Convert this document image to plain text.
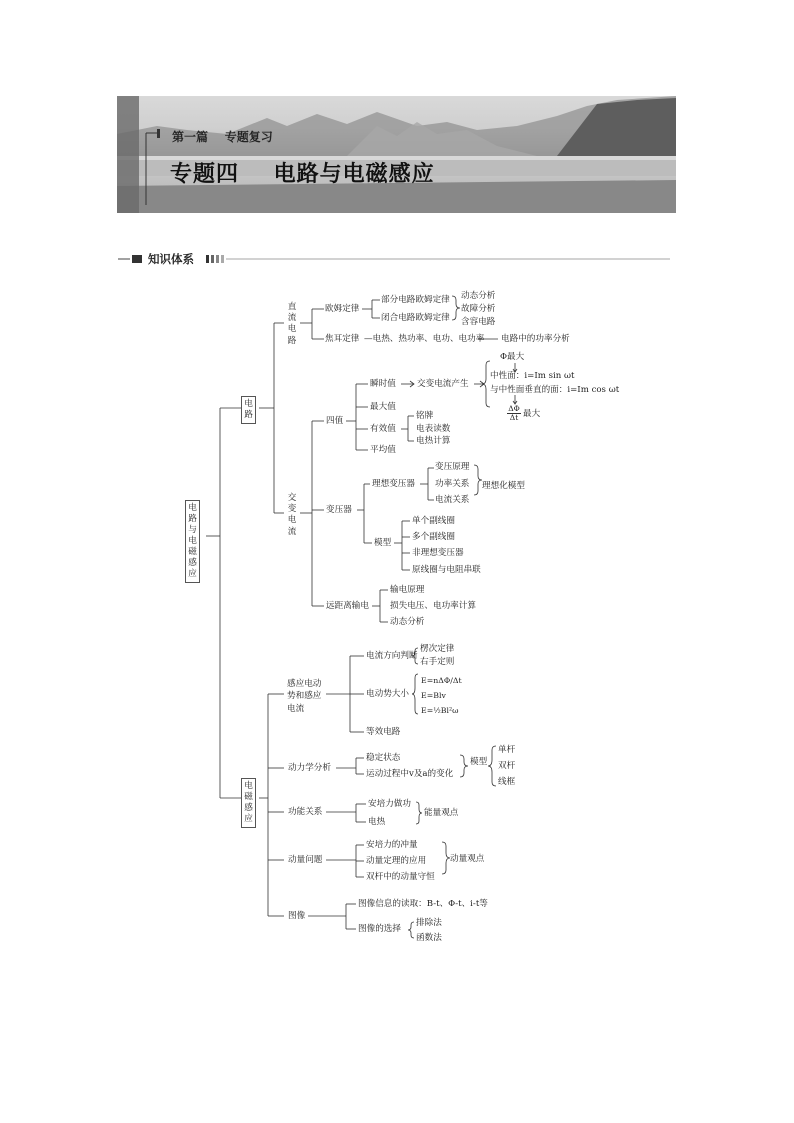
第一篇    专题复习
专题四    电路与电磁感应
知识体系
电路与电磁感应
电路
电磁感应
直流电路
交变电流
欧姆定律
部分电路欧姆定律
闭合电路欧姆定律
动态分析
故障分析
含容电路
焦耳定律 —电热、热功率、电功、电功率 电路中的功率分析
四值
瞬时值 交变电流产生
Φ最大
中性面：i=Im sin ωt
与中性面垂直的面：i=Im cos ωt
$\frac{\Delta\Phi}{\Delta t}$ 最大
最大值
有效值
铭牌
电表读数
电热计算
平均值
变压器
理想变压器
变压原理
功率关系
电流关系
理想化模型
模型
单个副线圈
多个副线圈
非理想变压器
原线圈与电阻串联
远距离输电
输电原理
损失电压、电功率计算
动态分析
感应电动势和感应电流
电流方向判断
楞次定律
右手定则
电动势大小
E=nΔΦ/Δt
E=Blv
E=½Bl²ω
等效电路
动力学分析
稳定状态
运动过程中v及a的变化
模型
单杆
双杆
线框
功能关系
安培力做功
电热
能量观点
动量问题
安培力的冲量
动量定理的应用
双杆中的动量守恒
动量观点
图像
图像信息的读取：B-t、Φ-t、i-t等
图像的选择
排除法
函数法
